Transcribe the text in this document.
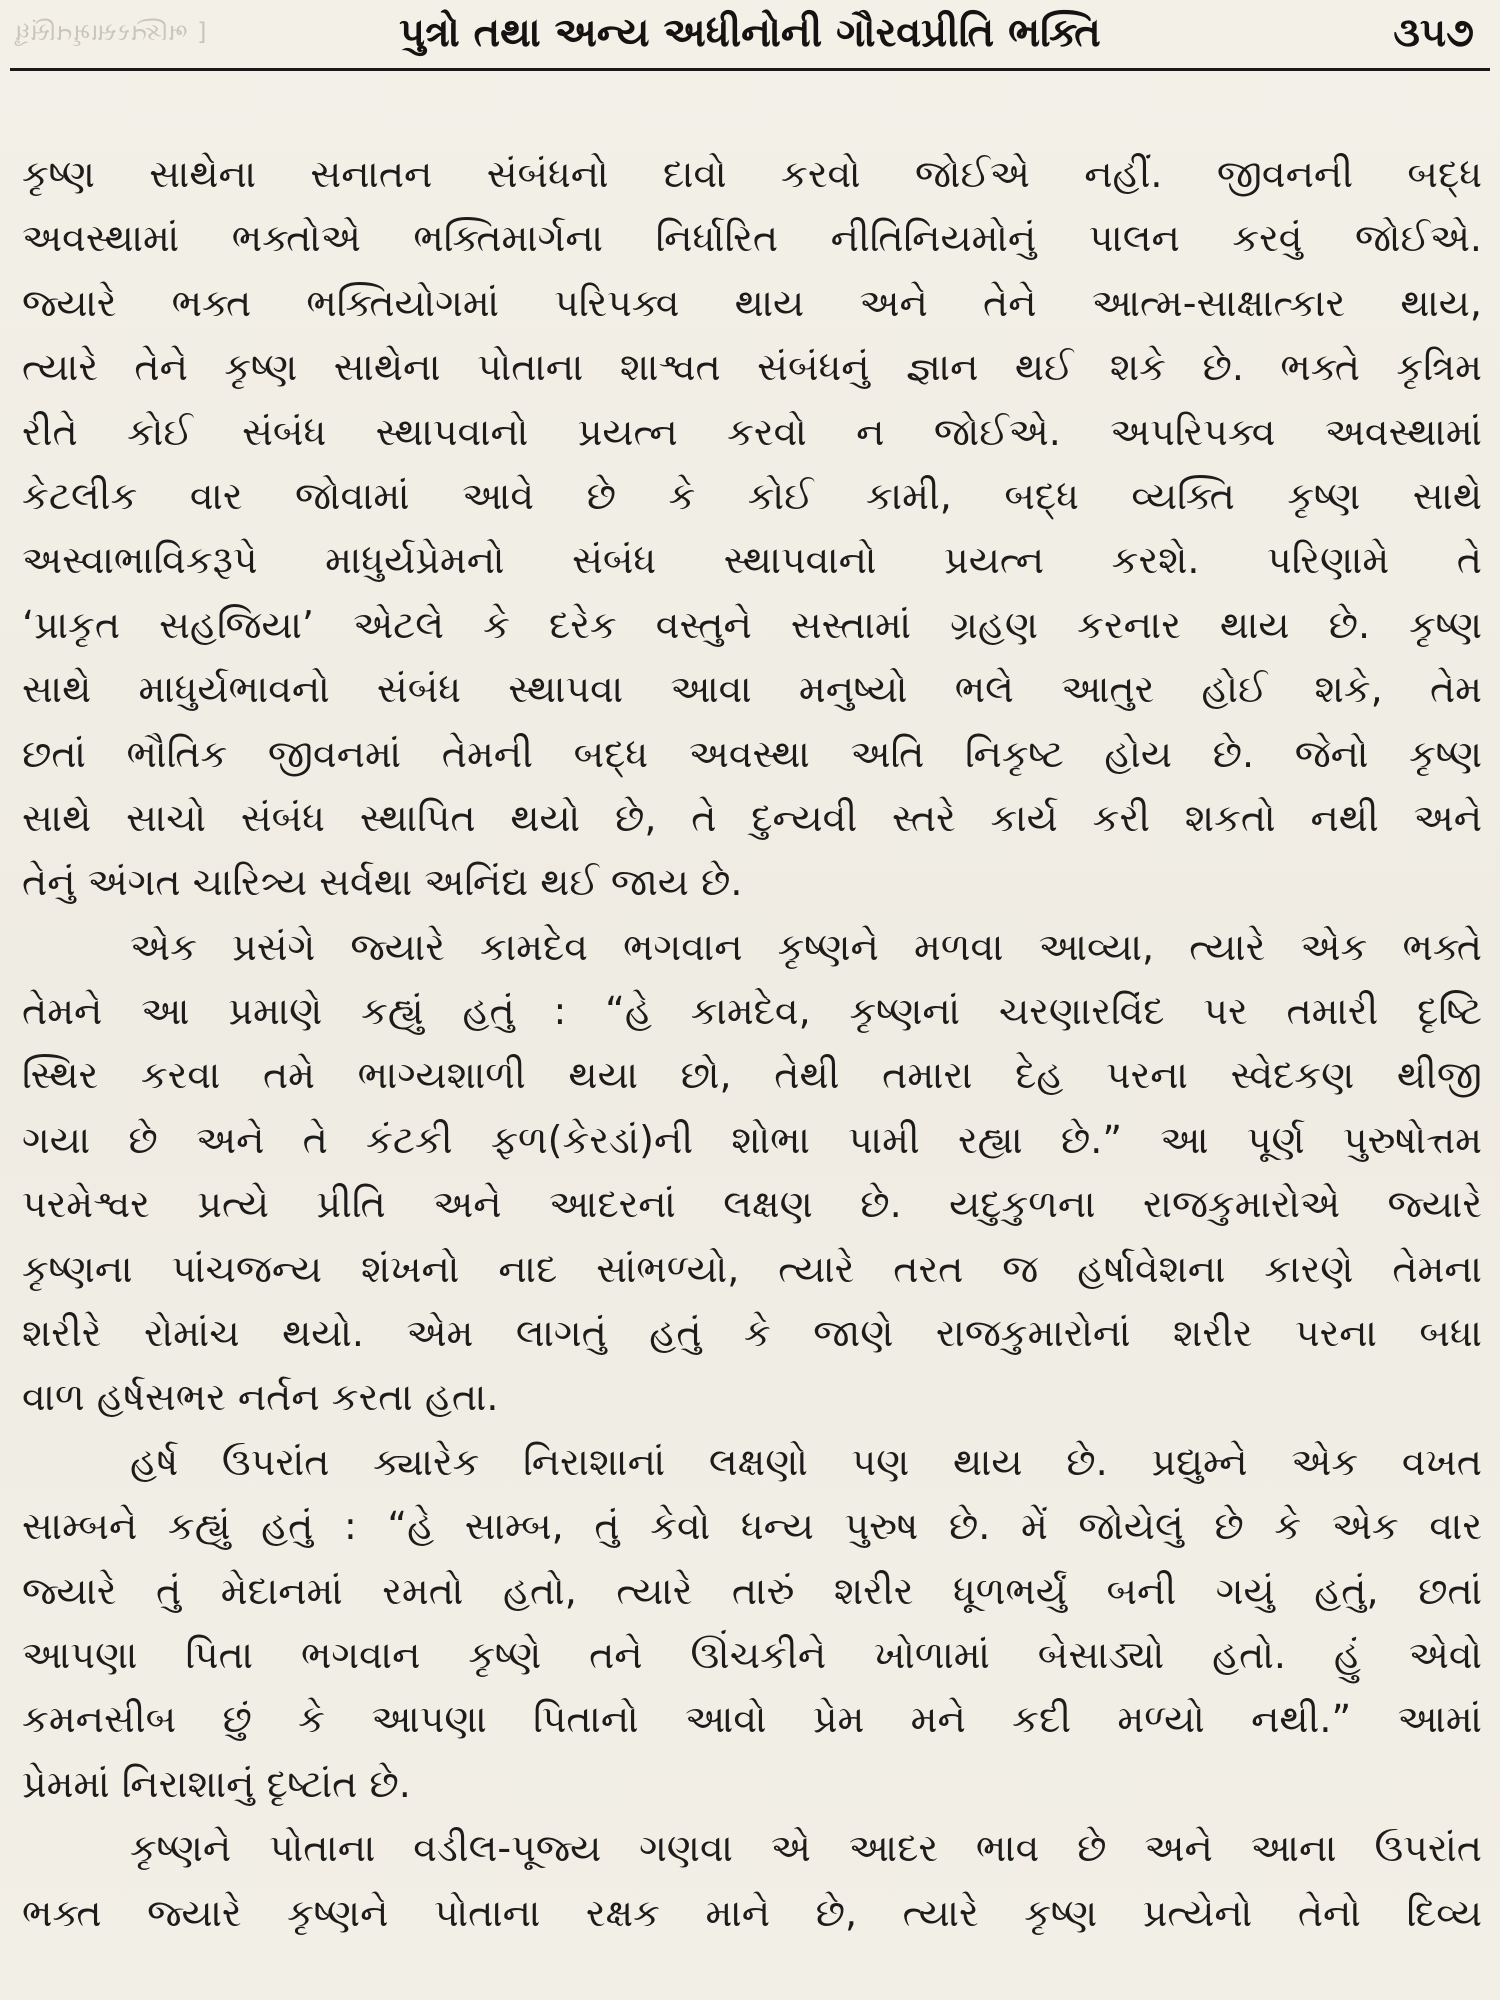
[ ભક્તિરસામૃતસિંધુ	પુત્રો તથા અન્ય અધીનોની ગૌરવપ્રીતિ ભક્તિ	૩૫૭
કૃષ્ણ સાથેના સનાતન સંબંધનો દાવો કરવો જોઈએ નહીં. જીવનની બદ્ધ
અવસ્થામાં ભક્તોએ ભક્તિમાર્ગના નિર્ધારિત નીતિનિયમોનું પાલન કરવું જોઈએ.
જ્યારે ભક્ત ભક્તિયોગમાં પરિપક્વ થાય અને તેને આત્મ-સાક્ષાત્કાર થાય,
ત્યારે તેને કૃષ્ણ સાથેના પોતાના શાશ્વત સંબંધનું જ્ઞાન થઈ શકે છે. ભક્તે કૃત્રિમ
રીતે કોઈ સંબંધ સ્થાપવાનો પ્રયત્ન કરવો ન જોઈએ. અપરિપક્વ અવસ્થામાં
કેટલીક વાર જોવામાં આવે છે કે કોઈ કામી, બદ્ધ વ્યક્તિ કૃષ્ણ સાથે
અસ્વાભાવિકરૂપે માધુર્યપ્રેમનો સંબંધ સ્થાપવાનો પ્રયત્ન કરશે. પરિણામે તે
‘પ્રાકૃત સહજિયા’ એટલે કે દરેક વસ્તુને સસ્તામાં ગ્રહણ કરનાર થાય છે. કૃષ્ણ
સાથે માધુર્યભાવનો સંબંધ સ્થાપવા આવા મનુષ્યો ભલે આતુર હોઈ શકે, તેમ
છતાં ભૌતિક જીવનમાં તેમની બદ્ધ અવસ્થા અતિ નિકૃષ્ટ હોય છે. જેનો કૃષ્ણ
સાથે સાચો સંબંધ સ્થાપિત થયો છે, તે દુન્યવી સ્તરે કાર્ય કરી શકતો નથી અને
તેનું અંગત ચારિત્ર્ય સર્વથા અનિંદ્ય થઈ જાય છે.
એક પ્રસંગે જ્યારે કામદેવ ભગવાન કૃષ્ણને મળવા આવ્યા, ત્યારે એક ભક્તે
તેમને આ પ્રમાણે કહ્યું હતું : “હે કામદેવ, કૃષ્ણનાં ચરણારવિંદ પર તમારી દૃષ્ટિ
સ્થિર કરવા તમે ભાગ્યશાળી થયા છો, તેથી તમારા દેહ પરના સ્વેદકણ થીજી
ગયા છે અને તે કંટકી ફળ(કેરડાં)ની શોભા પામી રહ્યા છે.” આ પૂર્ણ પુરુષોત્તમ
પરમેશ્વર પ્રત્યે પ્રીતિ અને આદરનાં લક્ષણ છે. યદુકુળના રાજકુમારોએ જ્યારે
કૃષ્ણના પાંચજન્ય શંખનો નાદ સાંભળ્યો, ત્યારે તરત જ હર્ષાવેશના કારણે તેમના
શરીરે રોમાંચ થયો. એમ લાગતું હતું કે જાણે રાજકુમારોનાં શરીર પરના બધા
વાળ હર્ષસભર નર્તન કરતા હતા.
હર્ષ ઉપરાંત ક્યારેક નિરાશાનાં લક્ષણો પણ થાય છે. પ્રદ્યુમ્ને એક વખત
સામ્બને કહ્યું હતું : “હે સામ્બ, તું કેવો ધન્ય પુરુષ છે. મેં જોયેલું છે કે એક વાર
જ્યારે તું મેદાનમાં રમતો હતો, ત્યારે તારું શરીર ધૂળભર્યું બની ગયું હતું, છતાં
આપણા પિતા ભગવાન કૃષ્ણે તને ઊંચકીને ખોળામાં બેસાડ્યો હતો. હું એવો
કમનસીબ છું કે આપણા પિતાનો આવો પ્રેમ મને કદી મળ્યો નથી.” આમાં
પ્રેમમાં નિરાશાનું દૃષ્ટાંત છે.
કૃષ્ણને પોતાના વડીલ-પૂજ્ય ગણવા એ આદર ભાવ છે અને આના ઉપરાંત
ભક્ત જ્યારે કૃષ્ણને પોતાના રક્ષક માને છે, ત્યારે કૃષ્ણ પ્રત્યેનો તેનો દિવ્ય
